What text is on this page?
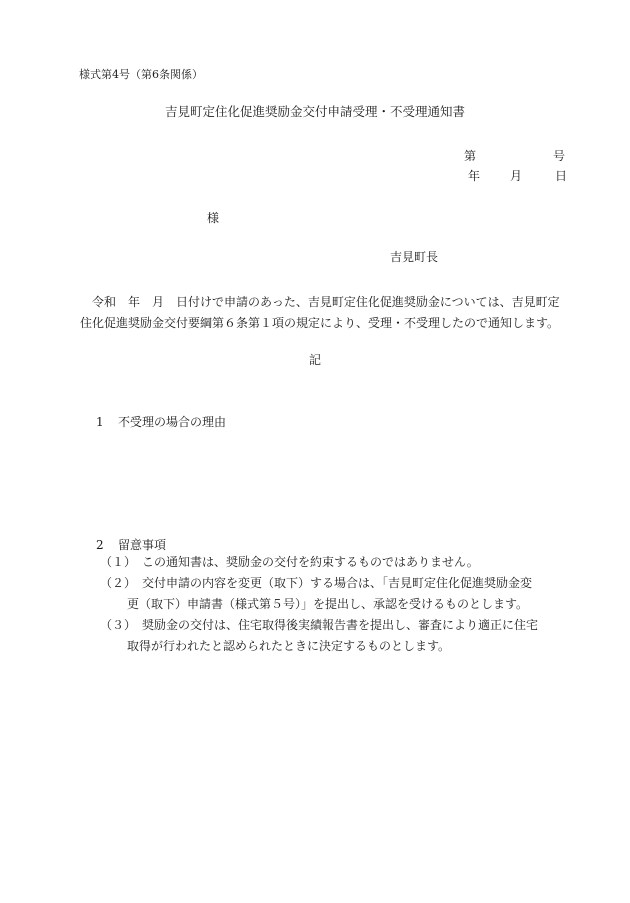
様式第4号（第6条関係）
吉見町定住化促進奨励金交付申請受理・不受理通知書
第	号
年 月	日
様
吉見町長
令和　年　月　日付けで申請のあった、吉見町定住化促進奨励金については、吉見町定住化促進奨励金交付要綱第６条第１項の規定により、受理・不受理したので通知します。
記
1 不受理の場合の理由
2 留意事項
（１） この通知書は、奨励金の交付を約束するものではありません。
（２） 交付申請の内容を変更（取下）する場合は、「吉見町定住化促進奨励金変
更（取下）申請書（様式第５号）」を提出し、承認を受けるものとします。
（３） 奨励金の交付は、住宅取得後実績報告書を提出し、審査により適正に住宅
取得が行われたと認められたときに決定するものとします。
